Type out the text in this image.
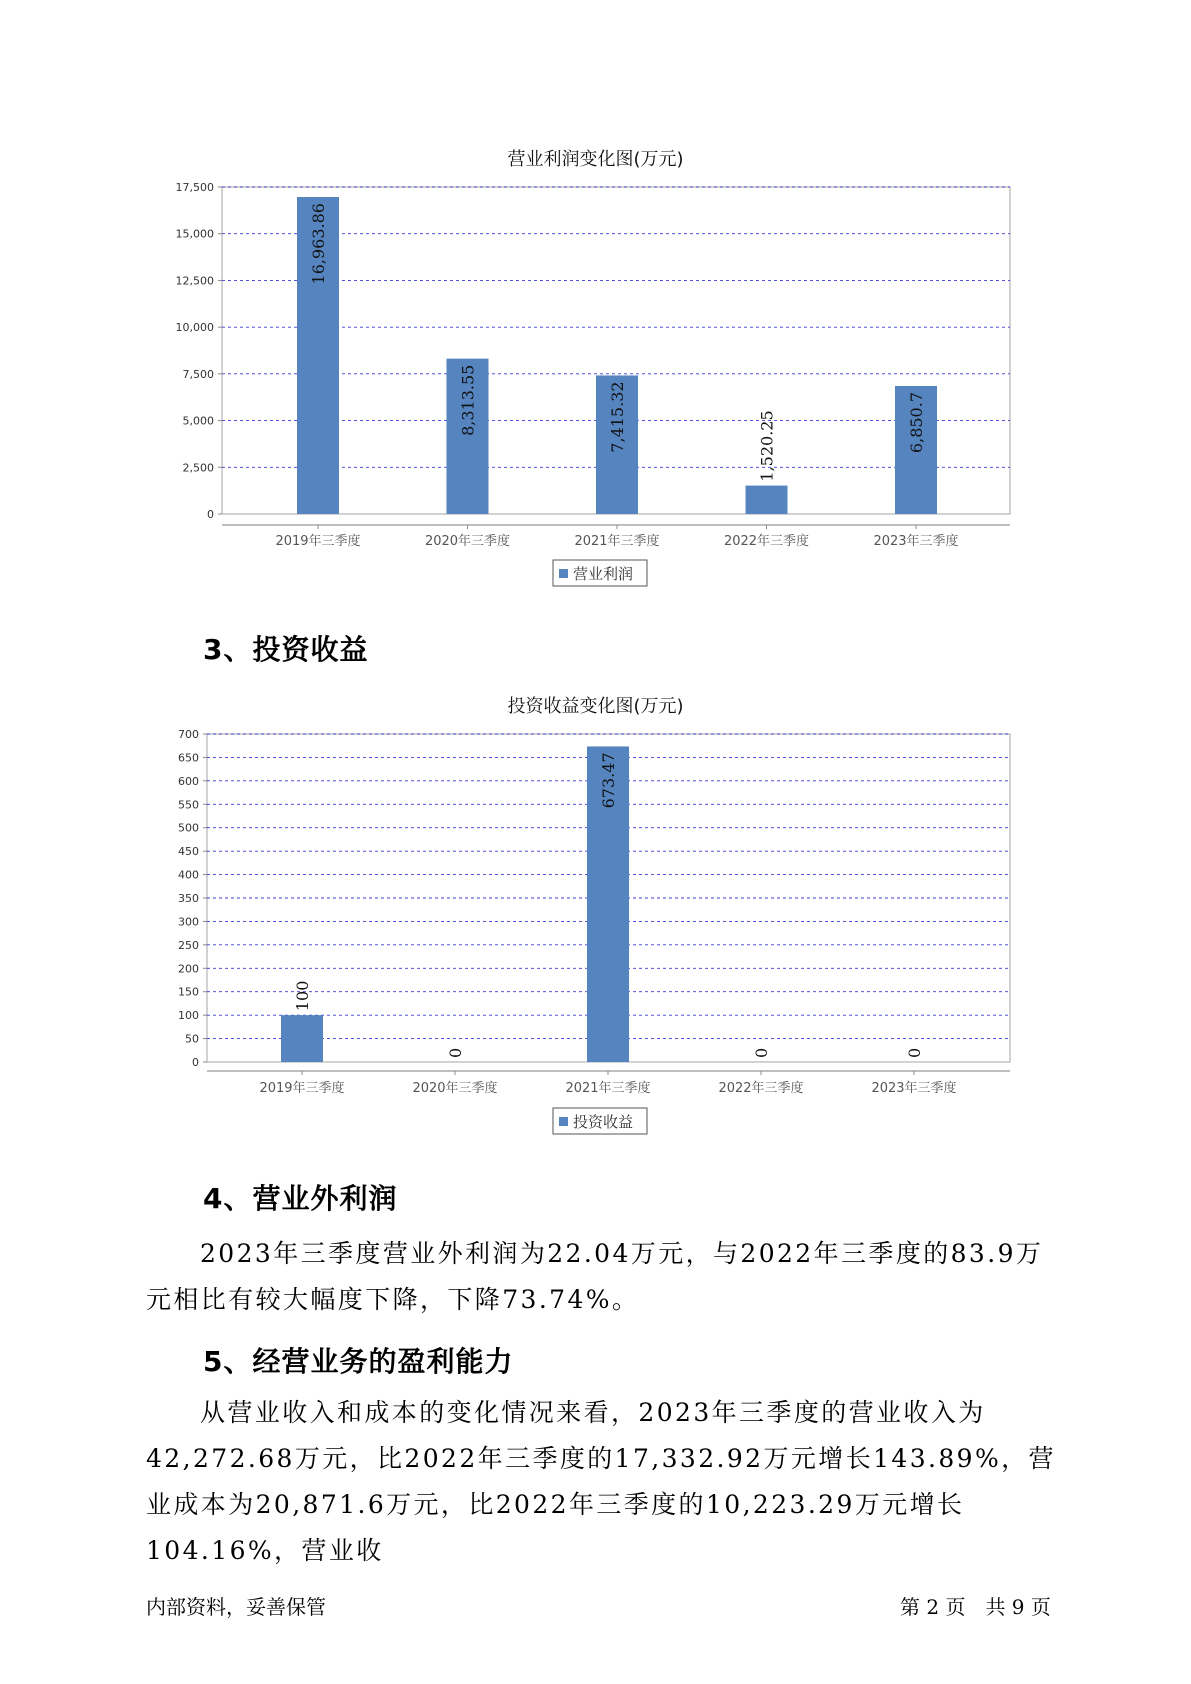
营业利润变化图(万元)
0
2,500
5,000
7,500
10,000
12,500
15,000
17,500
16,963.86
2019年三季度
8,313.55
2020年三季度
7,415.32
2021年三季度
1,520.25
2022年三季度
6,850.7
2023年三季度
营业利润
3、投资收益
投资收益变化图(万元)
0
50
100
150
200
250
300
350
400
450
500
550
600
650
700
100
2019年三季度
0
2020年三季度
673.47
2021年三季度
0
2022年三季度
0
2023年三季度
投资收益
4、营业外利润
2023年三季度营业外利润为22.04万元，与2022年三季度的83.9万元相比有较大幅度下降，下降73.74%。
5、经营业务的盈利能力
从营业收入和成本的变化情况来看，2023年三季度的营业收入为42,272.68万元，比2022年三季度的17,332.92万元增长143.89%，营业成本为20,871.6万元，比2022年三季度的10,223.29万元增长104.16%，营业收
内部资料，妥善保管	第 2 页　共 9 页
